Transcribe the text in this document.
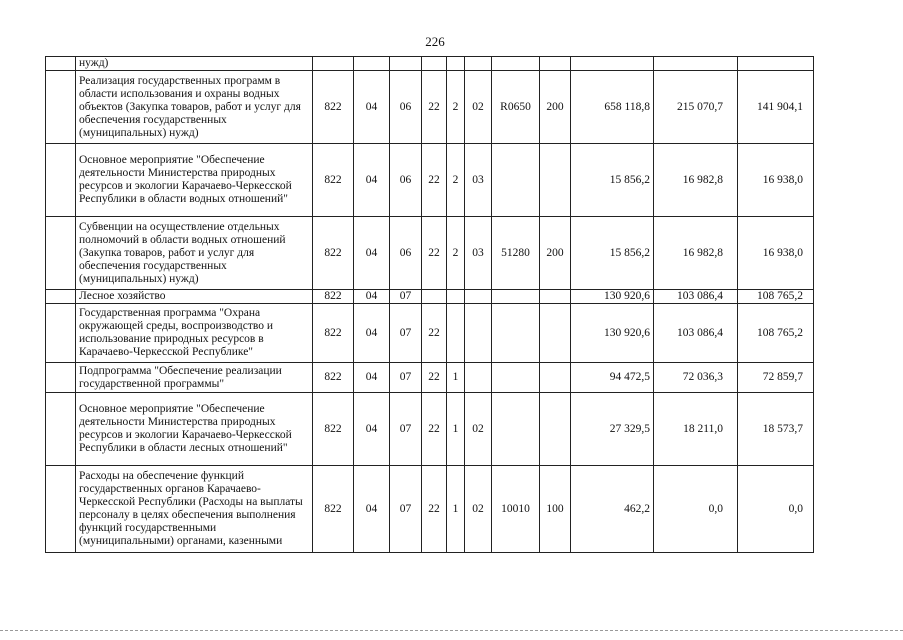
226
	нужд)											
	Реализация государственных программ в области использования и охраны водных объектов (Закупка товаров, работ и услуг для обеспечения государственных (муниципальных) нужд)	822	04	06	22	2	02	R0650	200	658 118,8	215 070,7	141 904,1
	Основное мероприятие "Обеспечение деятельности Министерства природных ресурсов и экологии Карачаево-Черкесской Республики в области водных отношений"	822	04	06	22	2	03			15 856,2	16 982,8	16 938,0
	Субвенции на осуществление отдельных полномочий в области водных отношений (Закупка товаров, работ и услуг для обеспечения государственных (муниципальных) нужд)	822	04	06	22	2	03	51280	200	15 856,2	16 982,8	16 938,0
	Лесное хозяйство	822	04	07						130 920,6	103 086,4	108 765,2
	Государственная программа "Охрана окружающей среды, воспроизводство и использование природных ресурсов в Карачаево-Черкесской Республике"	822	04	07	22					130 920,6	103 086,4	108 765,2
	Подпрограмма "Обеспечение реализации государственной программы"	822	04	07	22	1				94 472,5	72 036,3	72 859,7
	Основное мероприятие "Обеспечение деятельности Министерства природных ресурсов и экологии Карачаево-Черкесской Республики в области лесных отношений"	822	04	07	22	1	02			27 329,5	18 211,0	18 573,7
	Расходы на обеспечение функций государственных органов Карачаево-Черкесской Республики (Расходы на выплаты персоналу в целях обеспечения выполнения функций государственными (муниципальными) органами, казенными	822	04	07	22	1	02	10010	100	462,2	0,0	0,0
